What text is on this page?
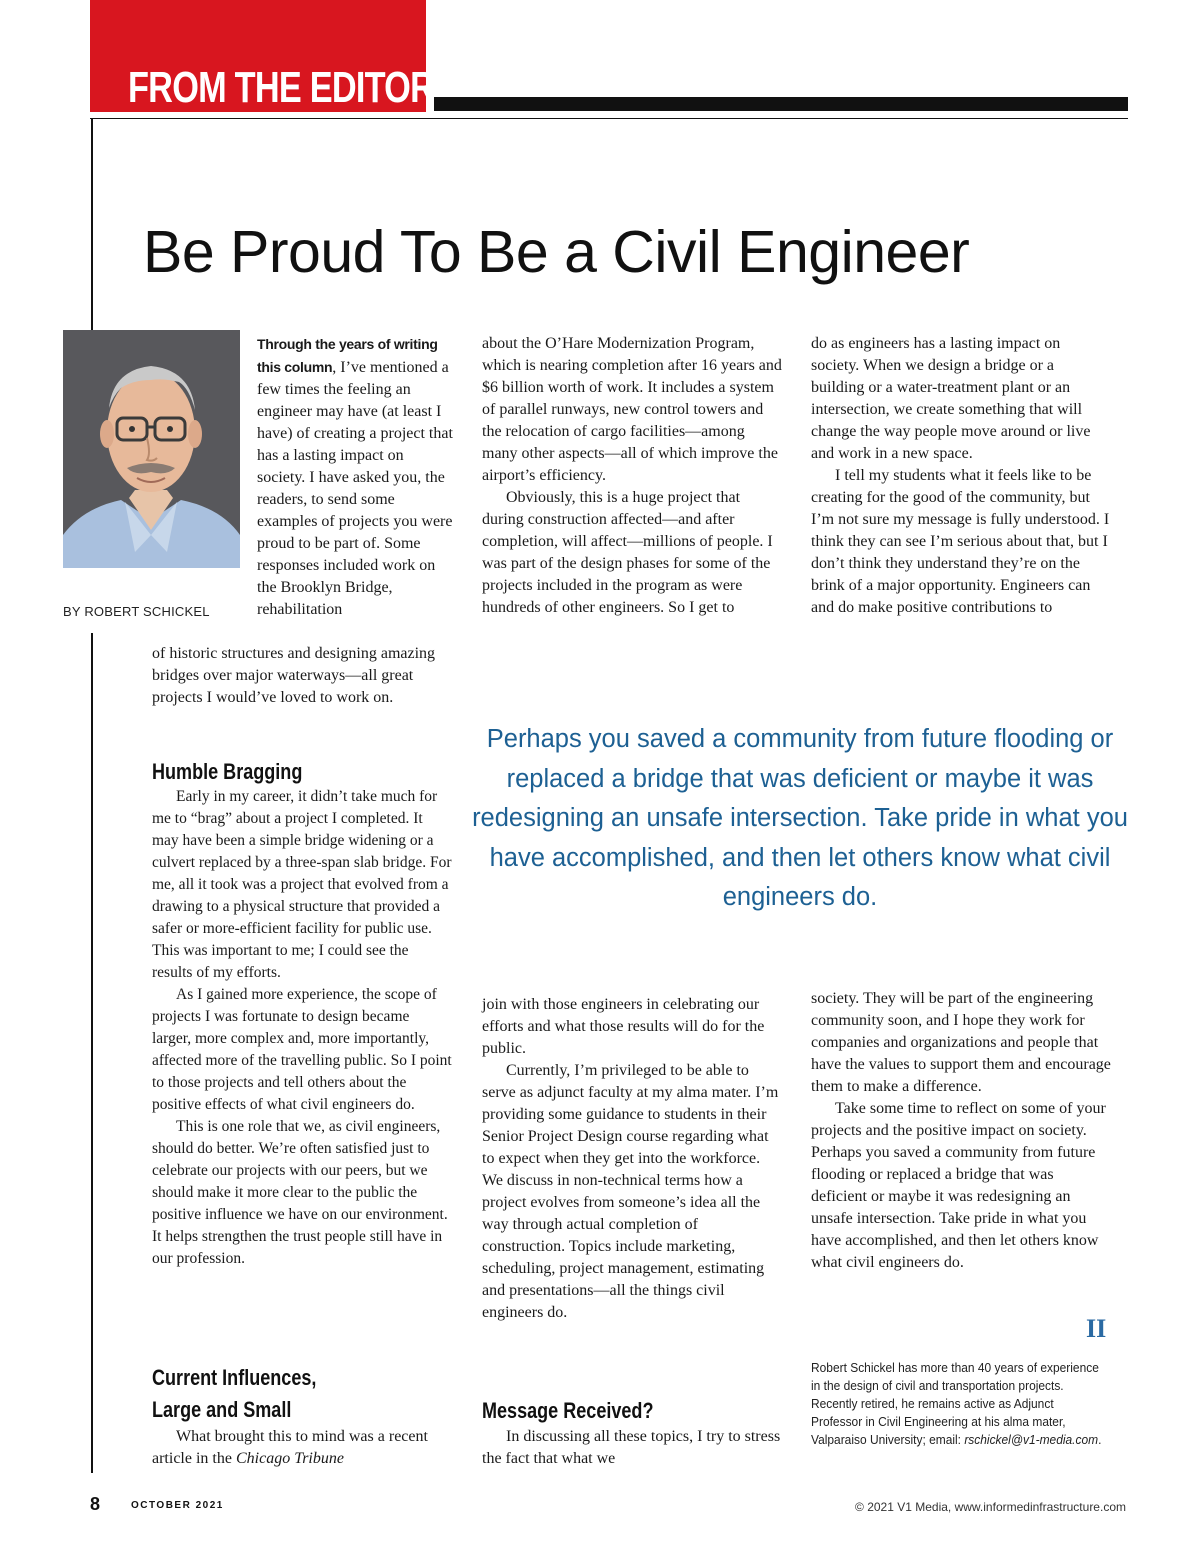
FROM THE EDITOR
Be Proud To Be a Civil Engineer
BY ROBERT SCHICKEL

Through the years of writing this column, I’ve mentioned a few times the feeling an engineer may have (at least I have) of creating a project that has a lasting impact on society. I have asked you, the readers, to send some examples of projects you were proud to be part of. Some responses included work on the Brooklyn Bridge, rehabilitation

of historic structures and designing amazing bridges over major waterways—all great projects I would’ve loved to work on.

Humble Bragging

Early in my career, it didn’t take much for me to “brag” about a project I completed. It may have been a simple bridge widening or a culvert replaced by a three-span slab bridge. For me, all it took was a project that evolved from a drawing to a physical structure that provided a safer or more-efficient facility for public use. This was important to me; I could see the results of my efforts.

As I gained more experience, the scope of projects I was fortunate to design became larger, more complex and, more importantly, affected more of the travelling public. So I point to those projects and tell others about the positive effects of what civil engineers do.

This is one role that we, as civil engineers, should do better. We’re often satisfied just to celebrate our projects with our peers, but we should make it more clear to the public the positive influence we have on our environment. It helps strengthen the trust people still have in our profession.

Current Influences,
Large and Small

What brought this to mind was a recent article in the Chicago Tribune

about the O’Hare Modernization Program, which is nearing completion after 16 years and $6 billion worth of work. It includes a system of parallel runways, new control towers and the relocation of cargo facilities—among many other aspects—all of which improve the airport’s efficiency.

Obviously, this is a huge project that during construction affected—and after completion, will affect—millions of people. I was part of the design phases for some of the projects included in the program as were hundreds of other engineers. So I get to

do as engineers has a lasting impact on society. When we design a bridge or a building or a water-treatment plant or an intersection, we create something that will change the way people move around or live and work in a new space.

I tell my students what it feels like to be creating for the good of the community, but I’m not sure my message is fully understood. I think they can see I’m serious about that, but I don’t think they understand they’re on the brink of a major opportunity. Engineers can and do make positive contributions to

Perhaps you saved a community from future flooding or replaced a bridge that was deficient or maybe it was redesigning an unsafe intersection. Take pride in what you have accomplished, and then let others know what civil engineers do.

join with those engineers in celebrating our efforts and what those results will do for the public.

Currently, I’m privileged to be able to serve as adjunct faculty at my alma mater. I’m providing some guidance to students in their Senior Project Design course regarding what to expect when they get into the workforce. We discuss in non-technical terms how a project evolves from someone’s idea all the way through actual completion of construction. Topics include marketing, scheduling, project management, estimating and presentations—all the things civil engineers do.

Message Received?

In discussing all these topics, I try to stress the fact that what we

society. They will be part of the engineering community soon, and I hope they work for companies and organizations and people that have the values to support them and encourage them to make a difference.

Take some time to reflect on some of your projects and the positive impact on society. Perhaps you saved a community from future flooding or replaced a bridge that was deficient or maybe it was redesigning an unsafe intersection. Take pride in what you have accomplished, and then let others know what civil engineers do.

II
Robert Schickel has more than 40 years of experience in the design of civil and transportation projects. Recently retired, he remains active as Adjunct Professor in Civil Engineering at his alma mater, Valparaiso University; email: rschickel@v1-media.com.
8	OCTOBER 2021	© 2021 V1 Media, www.informedinfrastructure.com
